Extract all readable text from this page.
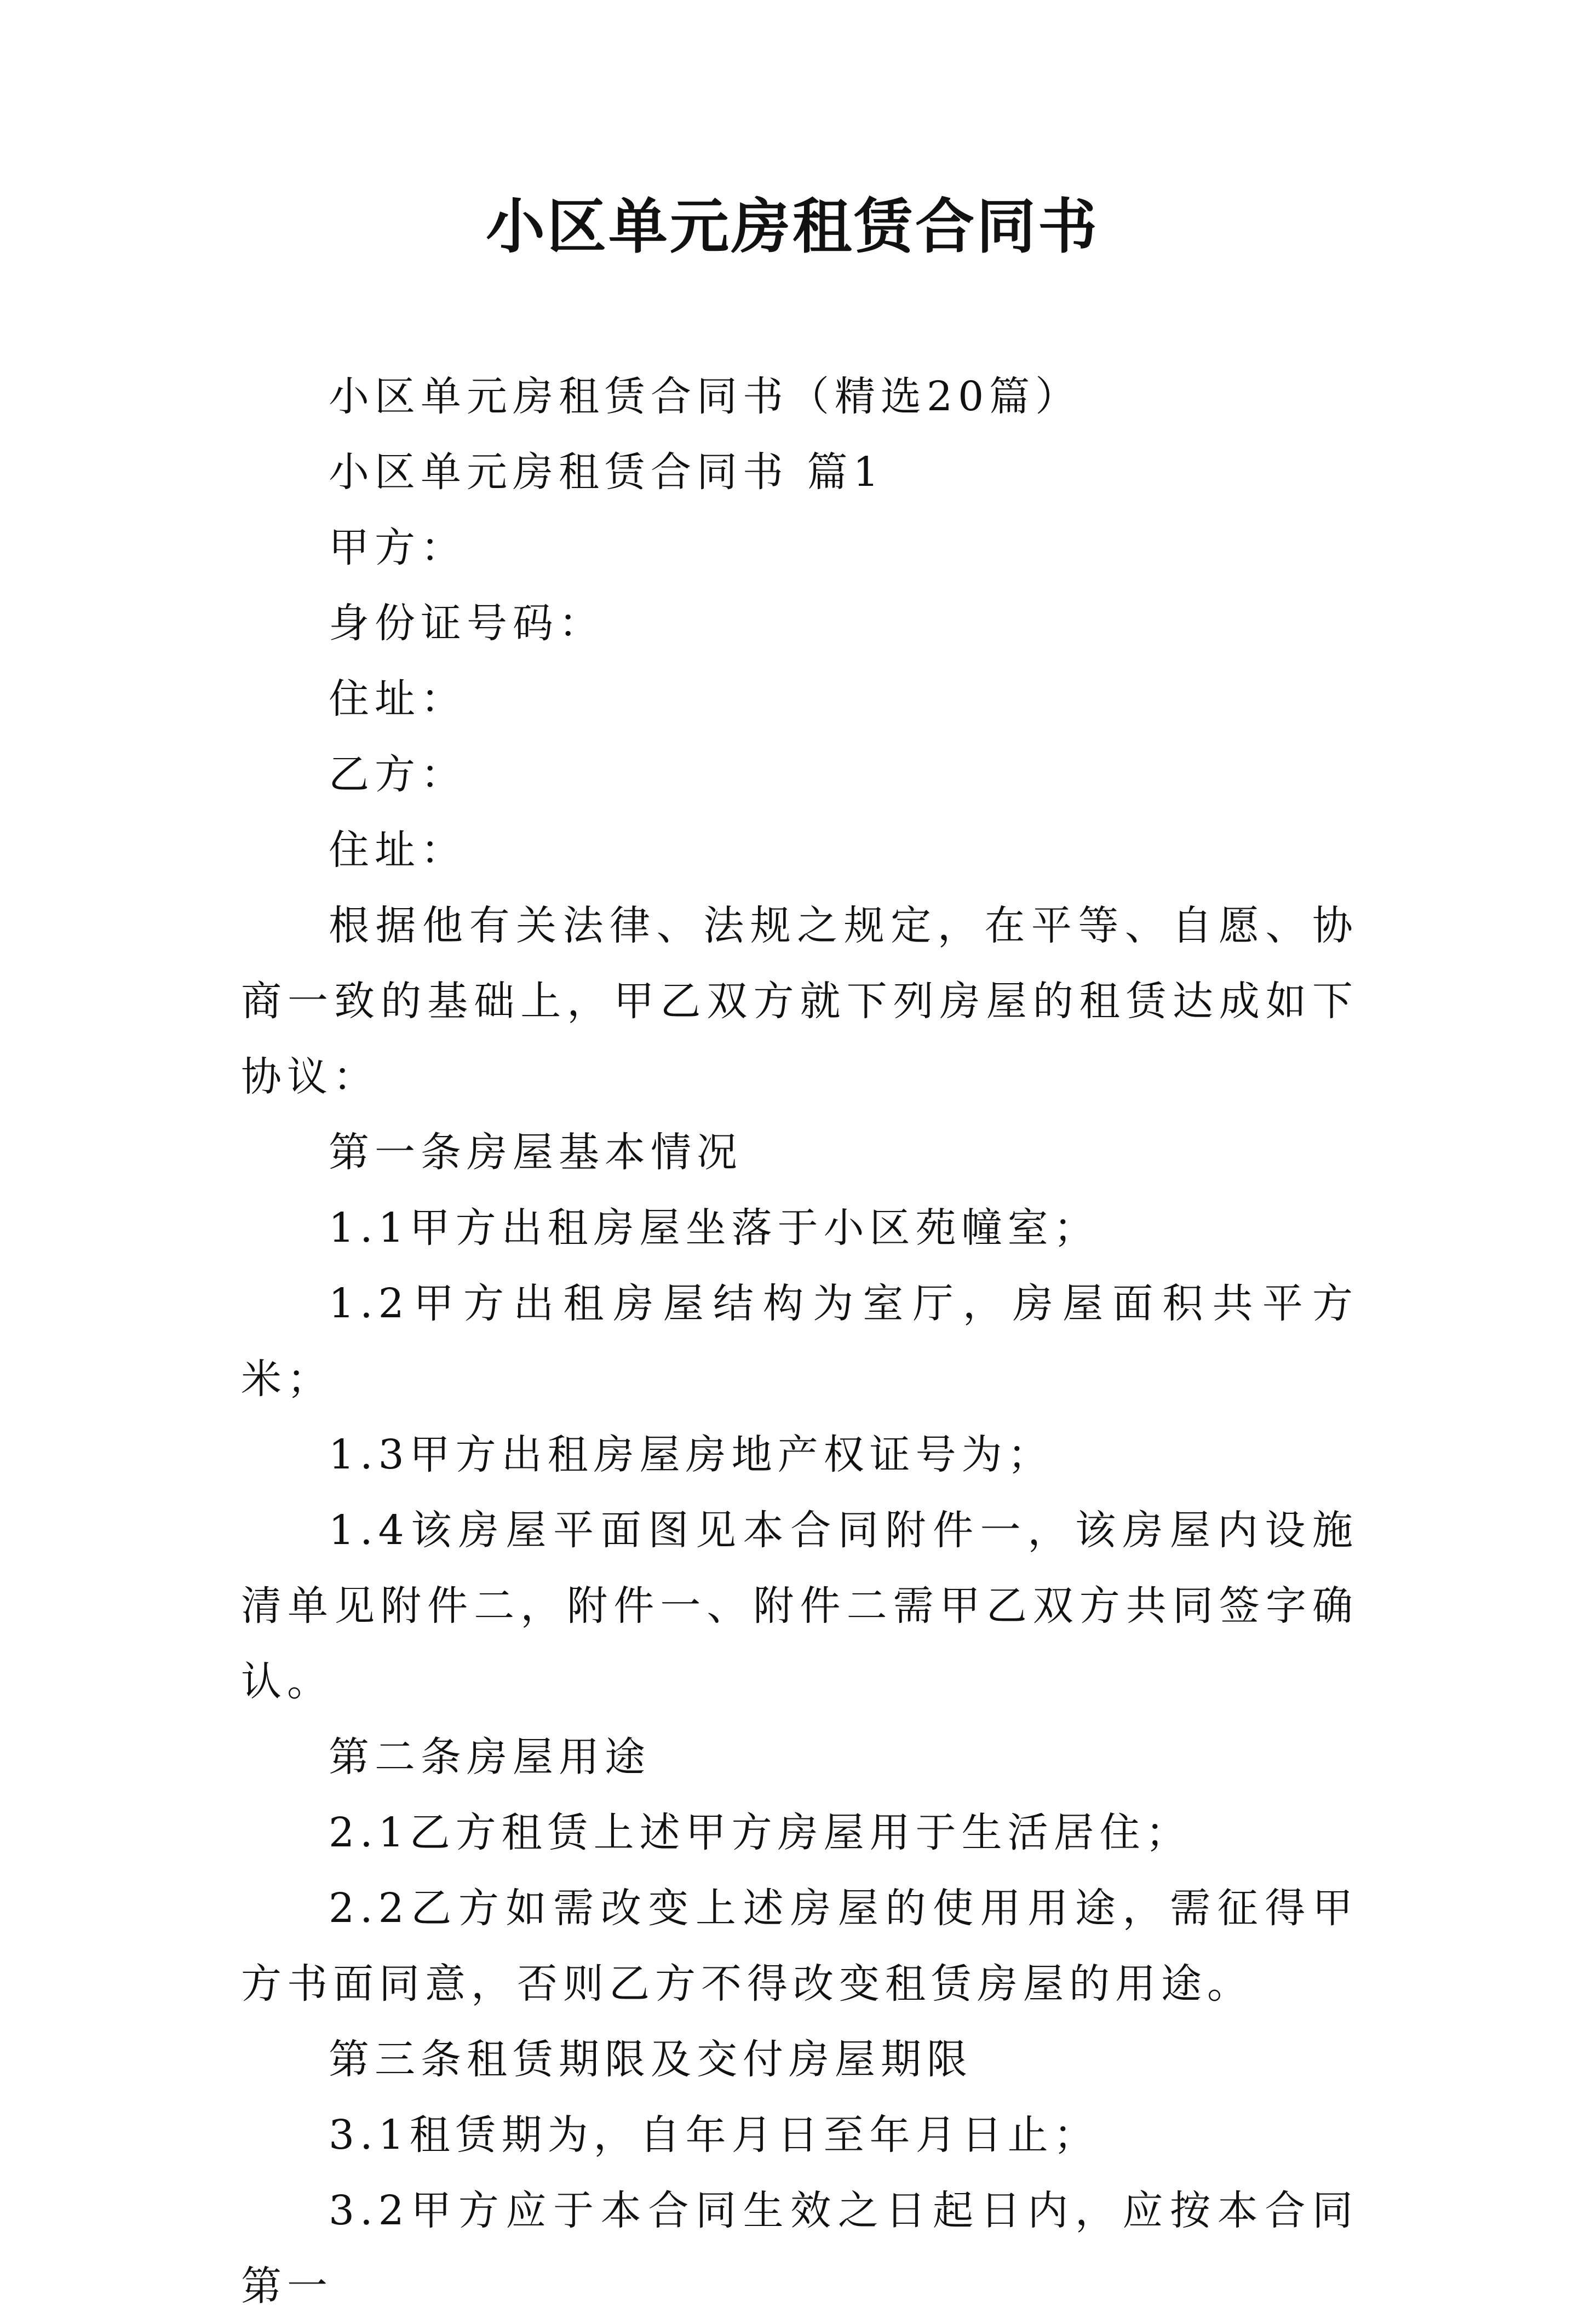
小区单元房租赁合同书

小区单元房租赁合同书（精选20篇）

小区单元房租赁合同书 篇1

甲方：

身份证号码：

住址：

乙方：

住址：

根据他有关法律、法规之规定，在平等、自愿、协商一致的基础上，甲乙双方就下列房屋的租赁达成如下协议：

第一条房屋基本情况

1.1甲方出租房屋坐落于小区苑幢室；

1.2甲方出租房屋结构为室厅，房屋面积共平方米；

1.3甲方出租房屋房地产权证号为；

1.4该房屋平面图见本合同附件一，该房屋内设施清单见附件二，附件一、附件二需甲乙双方共同签字确认。

第二条房屋用途

2.1乙方租赁上述甲方房屋用于生活居住；

2.2乙方如需改变上述房屋的使用用途，需征得甲方书面同意，否则乙方不得改变租赁房屋的用途。

第三条租赁期限及交付房屋期限

3.1租赁期为，自年月日至年月日止；

3.2甲方应于本合同生效之日起日内，应按本合同第一
